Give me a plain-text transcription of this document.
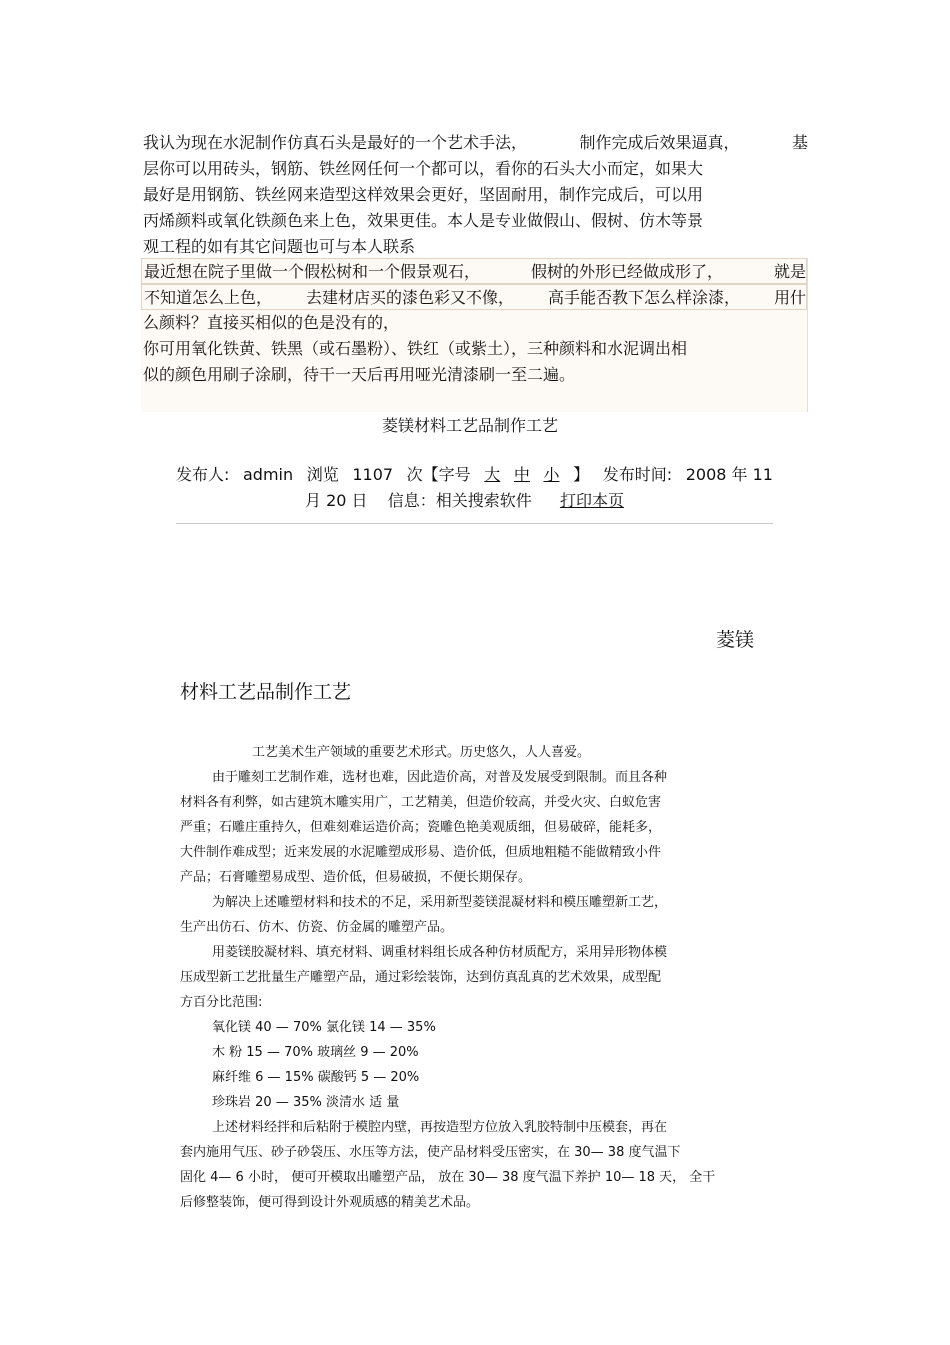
我认为现在水泥制作仿真石头是最好的一个艺术手法，	制作完成后效果逼真，	基
层你可以用砖头，钢筋、铁丝网任何一个都可以，看你的石头大小而定，如果大
最好是用钢筋、铁丝网来造型这样效果会更好，坚固耐用，制作完成后，可以用
丙烯颜料或氧化铁颜色来上色，效果更佳。本人是专业做假山、假树、仿木等景
观工程的如有其它问题也可与本人联系
最近想在院子里做一个假松树和一个假景观石，	假树的外形已经做成形了，	就是
不知道怎么上色， 去建材店买的漆色彩又不像， 高手能否教下怎么样涂漆， 用什
么颜料？直接买相似的色是没有的，
你可用氧化铁黄、铁黑（或石墨粉）、铁红（或紫土），三种颜料和水泥调出相
似的颜色用刷子涂刷，待干一天后再用哑光清漆刷一至二遍。
菱镁材料工艺品制作工艺
发布人: admin 浏览 1107 次【字号 大 中 小 】 发布时间: 2008 年 11
月 20 日 信息：相关搜索软件 打印本页
菱镁
材料工艺品制作工艺
工艺美术生产领域的重要艺术形式。历史悠久，人人喜爱。
由于雕刻工艺制作难，选材也难，因此造价高，对普及发展受到限制。而且各种
材料各有利弊，如古建筑木雕实用广，工艺精美，但造价较高，并受火灾、白蚁危害
严重；石雕庄重持久，但难刻难运造价高；瓷雕色艳美观质细，但易破碎，能耗多，
大件制作难成型；近来发展的水泥雕塑成形易、造价低，但质地粗糙不能做精致小件
产品；石膏雕塑易成型、造价低，但易破损，不便长期保存。
为解决上述雕塑材料和技术的不足，采用新型菱镁混凝材料和模压雕塑新工艺，
生产出仿石、仿木、仿瓷、仿金属的雕塑产品。
用菱镁胶凝材料、填充材料、调重材料组长成各种仿材质配方，采用异形物体模
压成型新工艺批量生产雕塑产品，通过彩绘装饰，达到仿真乱真的艺术效果，成型配
方百分比范围:
氧化镁 40 — 70% 氯化镁 14 — 35%
木 粉 15 — 70% 玻璃丝 9 — 20%
麻纤维 6 — 15% 碳酸钙 5 — 20%
珍珠岩 20 — 35% 淡清水 适 量
上述材料经拌和后粘附于模腔内壁，再按造型方位放入乳胶特制中压模套，再在
套内施用气压、砂子砂袋压、水压等方法，使产品材料受压密实，在 30— 38 度气温下
固化 4— 6 小时， 便可开模取出雕塑产品， 放在 30— 38 度气温下养护 10— 18 天， 全干
后修整装饰，便可得到设计外观质感的精美艺术品。
